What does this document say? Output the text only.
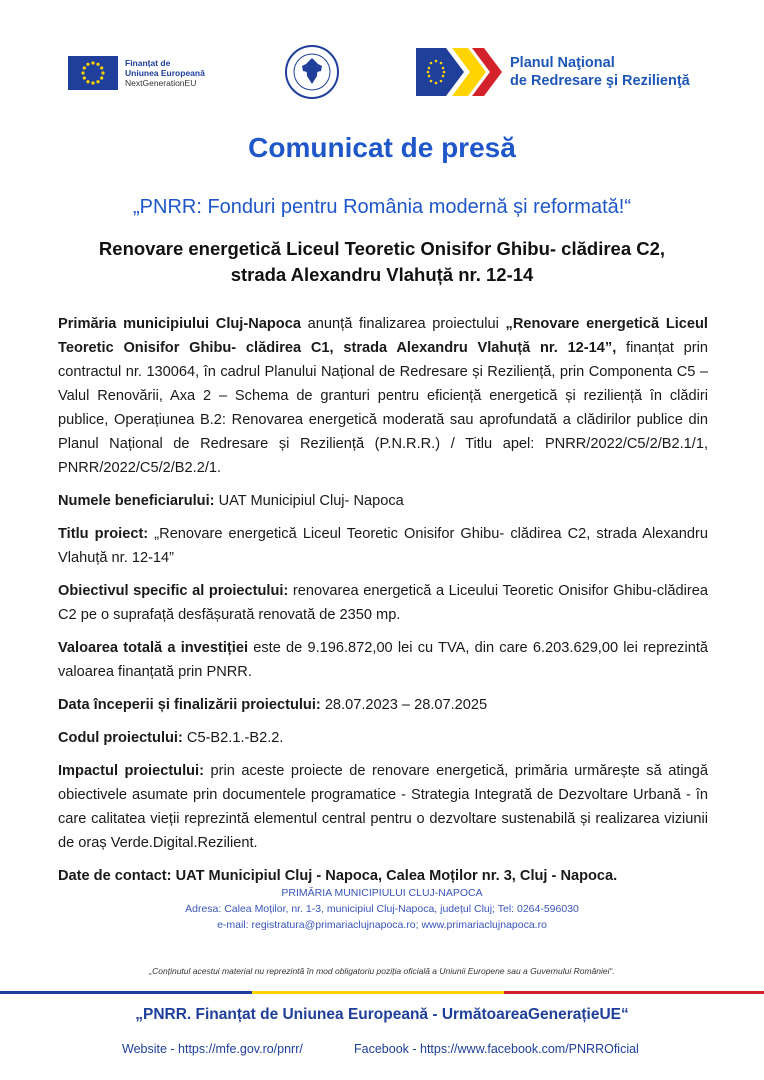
Finanțat de
Uniunea Europeană
NextGenerationEU
Planul Naţional
de Redresare şi Rezilienţă
Comunicat de presă
„PNRR: Fonduri pentru România modernă și reformată!“
Renovare energetică Liceul Teoretic Onisifor Ghibu- clădirea C2,
strada Alexandru Vlahuță nr. 12-14

Primăria municipiului Cluj-Napoca anunță finalizarea proiectului „Renovare energetică Liceul Teoretic Onisifor Ghibu- clădirea C1, strada Alexandru Vlahuță nr. 12-14”, finanțat prin contractul nr. 130064, în cadrul Planului Național de Redresare și Reziliență, prin Componenta C5 – Valul Renovării, Axa 2 – Schema de granturi pentru eficiență energetică și reziliență în clădiri publice, Operațiunea B.2: Renovarea energetică moderată sau aprofundată a clădirilor publice din Planul Național de Redresare și Reziliență (P.N.R.R.) / Titlu apel: PNRR/2022/C5/2/B2.1/1, PNRR/2022/C5/2/B2.2/1.

Numele beneficiarului: UAT Municipiul Cluj- Napoca

Titlu proiect: „Renovare energetică Liceul Teoretic Onisifor Ghibu- clădirea C2, strada Alexandru Vlahuță nr. 12-14”

Obiectivul specific al proiectului: renovarea energetică a Liceului Teoretic Onisifor Ghibu-clădirea C2 pe o suprafață desfășurată renovată de 2350 mp.

Valoarea totală a investiției este de 9.196.872,00 lei cu TVA, din care 6.203.629,00 lei reprezintă valoarea finanțată prin PNRR.

Data începerii și finalizării proiectului: 28.07.2023 – 28.07.2025

Codul proiectului: C5-B2.1.-B2.2.

Impactul proiectului: prin aceste proiecte de renovare energetică, primăria urmărește să atingă obiectivele asumate prin documentele programatice - Strategia Integrată de Dezvoltare Urbană - în care calitatea vieții reprezintă elementul central pentru o dezvoltare sustenabilă și realizarea viziunii de oraș Verde.Digital.Rezilient.

Date de contact: UAT Municipiul Cluj - Napoca, Calea Moților nr. 3, Cluj - Napoca.

PRIMĂRIA MUNICIPIULUI CLUJ-NAPOCA
Adresa: Calea Moților, nr. 1-3, municipiul Cluj-Napoca, județul Cluj; Tel: 0264-596030
e-mail: registratura@primariaclujnapoca.ro; www.primariaclujnapoca.ro
„Conținutul acestui material nu reprezintă în mod obligatoriu poziția oficială a Uniunii Europene sau a Guvernului României“.
„PNRR. Finanțat de Uniunea Europeană - UrmătoareaGenerațieUE“
Website - https://mfe.gov.ro/pnrr/	Facebook - https://www.facebook.com/PNRROficial
